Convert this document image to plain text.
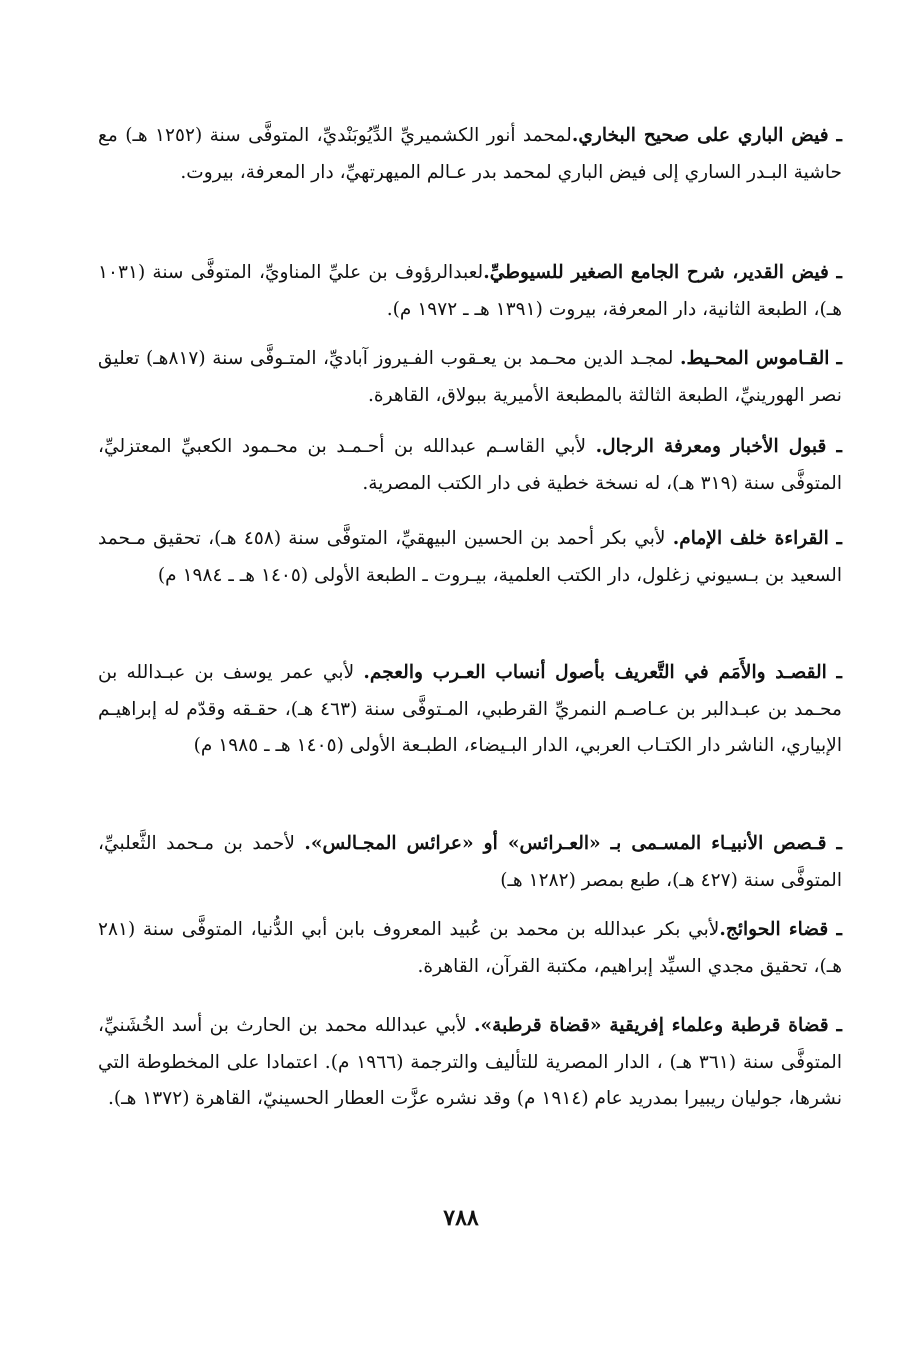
ـ فيض الباري على صحيح البخاري.لمحمد أنور الكشميريِّ الدِّيُوبَنْديِّ، المتوفَّى سنة (١٢٥٢ هـ) مع حاشية البـدر الساري إلى فيض الباري لمحمد بدر عـالم الميهرتهيِّ، دار المعرفة، بيروت.

ـ فيض القدير، شرح الجامع الصغير للسيوطيِّ.لعبدالرؤوف بن عليِّ المناويِّ، المتوفَّى سنة (١٠٣١ هـ)، الطبعة الثانية، دار المعرفة، بيروت (١٣٩١ هـ ـ ١٩٧٢ م).

ـ القـاموس المحـيط. لمجـد الدين محـمد بن يعـقوب الفـيروز آباديِّ، المتـوفَّى سنة (٨١٧هـ) تعليق نصر الهورينيِّ، الطبعة الثالثة بالمطبعة الأميرية ببولاق، القاهرة.

ـ قبول الأخبار ومعرفة الرجال. لأبي القاسـم عبدالله بن أحـمـد بن محـمود الكعبيِّ المعتزليِّ، المتوفَّى سنة (٣١٩ هـ)، له نسخة خطية فى دار الكتب المصرية.

ـ القراءة خلف الإمام. لأبي بكر أحمد بن الحسين البيهقيِّ، المتوفَّى سنة (٤٥٨ هـ)، تحقيق مـحمد السعيد بن بـسيوني زغلول، دار الكتب العلمية، بيـروت ـ الطبعة الأولى (١٤٠٥ هـ ـ ١٩٨٤ م)

ـ القصـد والأَمَم في التَّعريف بأصول أنساب العـرب والعجم. لأبي عمر يوسف بن عبـدالله بن محـمد بن عبـدالبر بن عـاصـم النمريِّ القرطبي، المـتوفَّى سنة (٤٦٣ هـ)، حقـقه وقدّم له إبراهيـم الإبياري، الناشر دار الكتـاب العربي، الدار البـيضاء، الطبـعة الأولى (١٤٠٥ هـ ـ ١٩٨٥ م)

ـ قـصص الأنبيـاء المسـمى بـ «العـرائس» أو «عرائس المجـالس». لأحمد بن مـحمد الثَّعلبيِّ، المتوفَّى سنة (٤٢٧ هـ)، طبع بمصر (١٢٨٢ هـ)

ـ قضاء الحوائج.لأبي بكر عبدالله بن محمد بن عُبيد المعروف بابن أبي الدُّنيا، المتوفَّى سنة (٢٨١ هـ)، تحقيق مجدي السيِّد إبراهيم، مكتبة القرآن، القاهرة.

ـ قضاة قرطبة وعلماء إفريقية «قضاة قرطبة». لأبي عبدالله محمد بن الحارث بن أسد الخُشَنيِّ، المتوفَّى سنة (٣٦١ هـ) ، الدار المصرية للتأليف والترجمة (١٩٦٦ م). اعتمادا على المخطوطة التي نشرها، جوليان ريبيرا بمدريد عام (١٩١٤ م) وقد نشره عزَّت العطار الحسينيّ، القاهرة (١٣٧٢ هـ).

٧٨٨
